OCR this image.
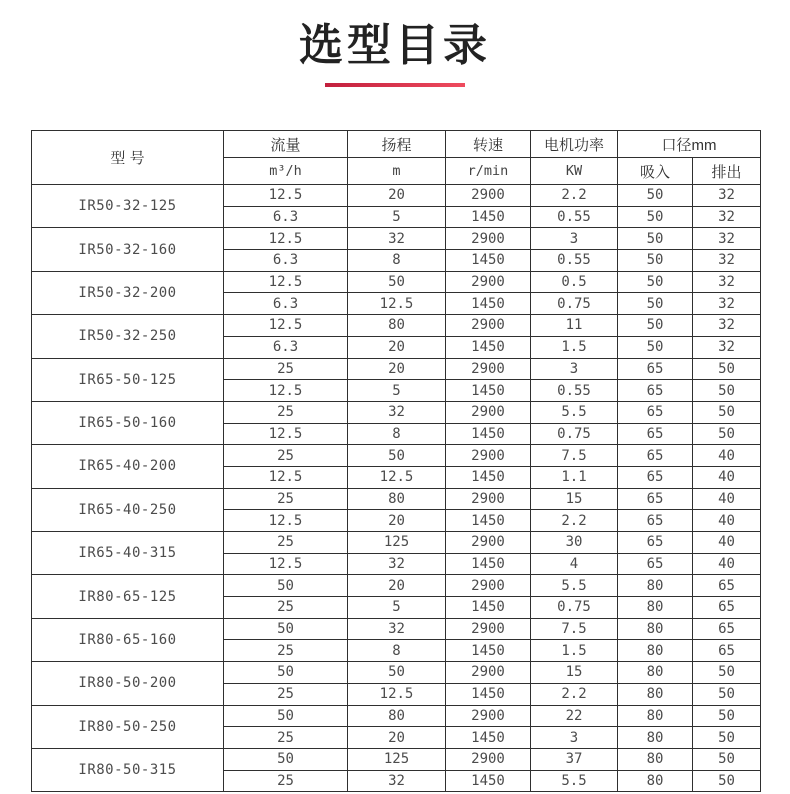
选型目录
型 号	流量	扬程	转速	电机功率	口径mm	
	m³/h	m	r/min	KW	吸入	排出
IR50-32-125	12.5	20	2900	2.2	50	32
	6.3	5	1450	0.55	50	32
IR50-32-160	12.5	32	2900	3	50	32
	6.3	8	1450	0.55	50	32
IR50-32-200	12.5	50	2900	0.5	50	32
	6.3	12.5	1450	0.75	50	32
IR50-32-250	12.5	80	2900	11	50	32
	6.3	20	1450	1.5	50	32
IR65-50-125	25	20	2900	3	65	50
	12.5	5	1450	0.55	65	50
IR65-50-160	25	32	2900	5.5	65	50
	12.5	8	1450	0.75	65	50
IR65-40-200	25	50	2900	7.5	65	40
	12.5	12.5	1450	1.1	65	40
IR65-40-250	25	80	2900	15	65	40
	12.5	20	1450	2.2	65	40
IR65-40-315	25	125	2900	30	65	40
	12.5	32	1450	4	65	40
IR80-65-125	50	20	2900	5.5	80	65
	25	5	1450	0.75	80	65
IR80-65-160	50	32	2900	7.5	80	65
	25	8	1450	1.5	80	65
IR80-50-200	50	50	2900	15	80	50
	25	12.5	1450	2.2	80	50
IR80-50-250	50	80	2900	22	80	50
	25	20	1450	3	80	50
IR80-50-315	50	125	2900	37	80	50
	25	32	1450	5.5	80	50
